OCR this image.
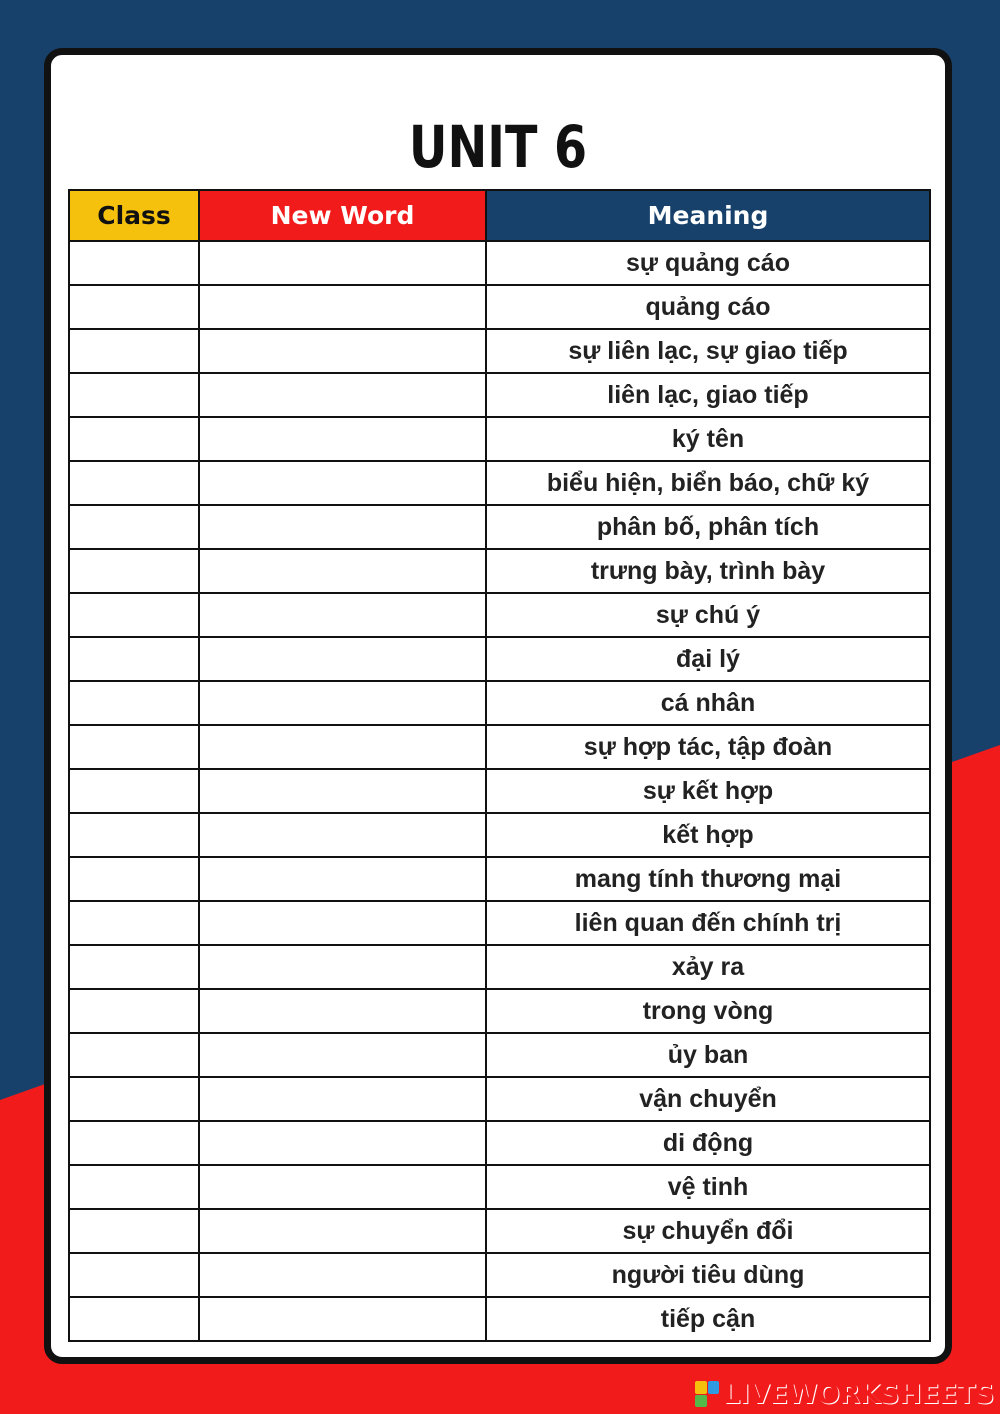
UNIT 6
Class	New Word	Meaning
		sự quảng cáo
		quảng cáo
		sự liên lạc, sự giao tiếp
		liên lạc, giao tiếp
		ký tên
		biểu hiện, biển báo, chữ ký
		phân bố, phân tích
		trưng bày, trình bày
		sự chú ý
		đại lý
		cá nhân
		sự hợp tác, tập đoàn
		sự kết hợp
		kết hợp
		mang tính thương mại
		liên quan đến chính trị
		xảy ra
		trong vòng
		ủy ban
		vận chuyển
		di động
		vệ tinh
		sự chuyển đổi
		người tiêu dùng
		tiếp cận
LIVEWORKSHEETS
